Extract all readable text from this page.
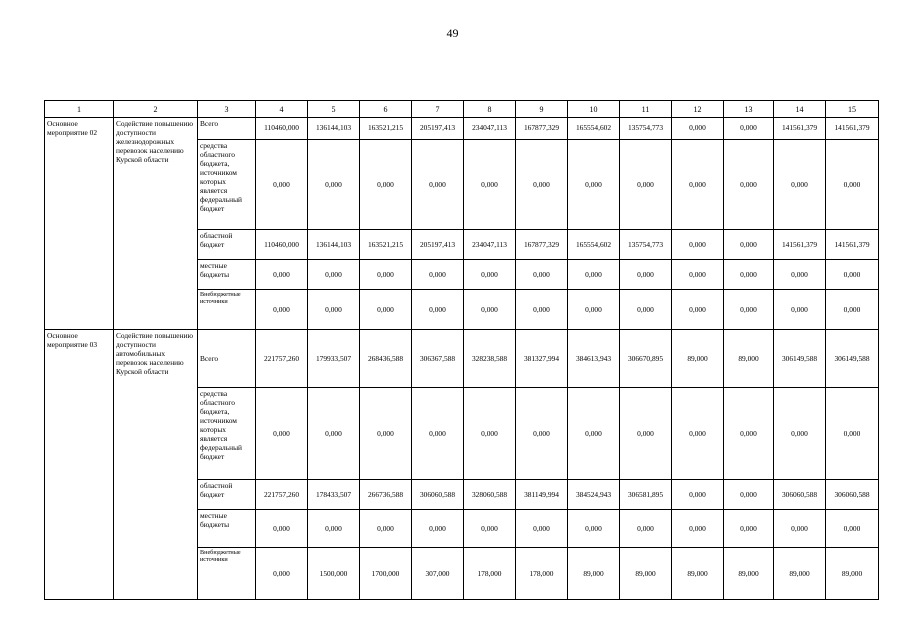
49
1	2	3	4	5	6	7	8	9	10	11	12	13	14	15
Основное мероприятие 02	Содействие повышению доступности железнодорожных перевозок населению Курской области	Всего	110460,000	136144,103	163521,215	205197,413	234047,113	167877,329	165554,602	135754,773	0,000	0,000	141561,379	141561,379
		средства областного бюджета, источником которых является федеральный бюджет	0,000	0,000	0,000	0,000	0,000	0,000	0,000	0,000	0,000	0,000	0,000	0,000
		областной бюджет	110460,000	136144,103	163521,215	205197,413	234047,113	167877,329	165554,602	135754,773	0,000	0,000	141561,379	141561,379
		местные бюджеты	0,000	0,000	0,000	0,000	0,000	0,000	0,000	0,000	0,000	0,000	0,000	0,000
		Внебюджетные источники	0,000	0,000	0,000	0,000	0,000	0,000	0,000	0,000	0,000	0,000	0,000	0,000
Основное мероприятие 03	Содействие повышению доступности автомобильных перевозок населению Курской области	Всего	221757,260	179933,507	268436,588	306367,588	328238,588	381327,994	384613,943	306670,895	89,000	89,000	306149,588	306149,588
		средства областного бюджета, источником которых является федеральный бюджет	0,000	0,000	0,000	0,000	0,000	0,000	0,000	0,000	0,000	0,000	0,000	0,000
		областной бюджет	221757,260	178433,507	266736,588	306060,588	328060,588	381149,994	384524,943	306581,895	0,000	0,000	306060,588	306060,588
		местные бюджеты	0,000	0,000	0,000	0,000	0,000	0,000	0,000	0,000	0,000	0,000	0,000	0,000
		Внебюджетные источники	0,000	1500,000	1700,000	307,000	178,000	178,000	89,000	89,000	89,000	89,000	89,000	89,000
